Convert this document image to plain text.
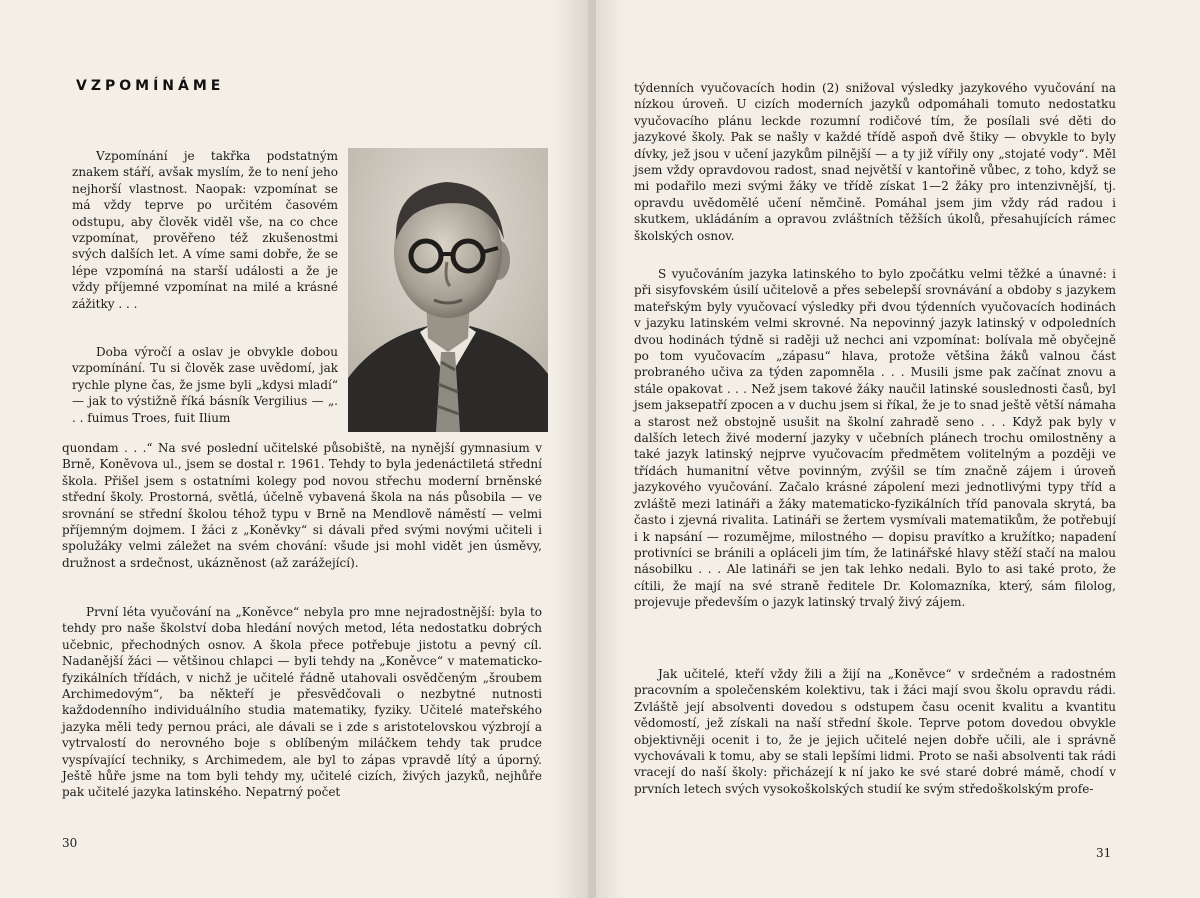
VZPOMÍNÁME

Vzpomínání je takřka podstatným znakem stáří, avšak myslím, že to není jeho nejhorší vlastnost. Naopak: vzpomínat se má vždy teprve po určitém časovém odstupu, aby člověk viděl vše, na co chce vzpomínat, prověřeno též zkušenostmi svých dalších let. A víme sami dobře, že se lépe vzpomíná na starší události a že je vždy příjemné vzpomínat na milé a krásné zážitky . . .

Doba výročí a oslav je obvykle dobou vzpomínání. Tu si člověk zase uvědomí, jak rychle plyne čas, že jsme byli „kdysi mladí“ — jak to výstižně říká básník Vergilius — „. . . fuimus Troes, fuit Ilium

quondam . . .“ Na své poslední učitelské působiště, na nynější gymnasium v Brně, Koněvova ul., jsem se dostal r. 1961. Tehdy to byla jedenáctiletá střední škola. Přišel jsem s ostatními kolegy pod novou střechu moderní brněnské střední školy. Prostorná, světlá, účelně vybavená škola na nás působila — ve srovnání se střední školou téhož typu v Brně na Mendlově náměstí — velmi příjemným dojmem. I žáci z „Koněvky“ si dávali před svými novými učiteli i spolužáky velmi záležet na svém chování: všude jsi mohl vidět jen úsměvy, družnost a srdečnost, ukázněnost (až zarážející).

První léta vyučování na „Koněvce“ nebyla pro mne nejradostnější: byla to tehdy pro naše školství doba hledání nových metod, léta nedostatku dobrých učebnic, přechodných osnov. A škola přece potřebuje jistotu a pevný cíl. Nadanější žáci — většinou chlapci — byli tehdy na „Koněvce“ v matematicko-fyzikálních třídách, v nichž je učitelé řádně utahovali osvědčeným „šroubem Archimedovým“, ba někteří je přesvědčovali o nezbytné nutnosti každodenního individuálního studia matematiky, fyziky. Učitelé mateřského jazyka měli tedy pernou práci, ale dávali se i zde s aristotelovskou výzbrojí a vytrvalostí do nerovného boje s oblíbeným miláčkem tehdy tak prudce vyspívající techniky, s Archimedem, ale byl to zápas vpravdě lítý a úporný. Ještě hůře jsme na tom byli tehdy my, učitelé cizích, živých jazyků, nejhůře pak učitelé jazyka latinského. Nepatrný počet

30

týdenních vyučovacích hodin (2) snižoval výsledky jazykového vyučování na nízkou úroveň. U cizích moderních jazyků odpomáhali tomuto nedostatku vyučovacího plánu leckde rozumní rodičové tím, že posílali své děti do jazykové školy. Pak se našly v každé třídě aspoň dvě štiky — obvykle to byly dívky, jež jsou v učení jazykům pilnější — a ty již vířily ony „stojaté vody“. Měl jsem vždy opravdovou radost, snad největší v kantořině vůbec, z toho, když se mi podařilo mezi svými žáky ve třídě získat 1—2 žáky pro intenzivnější, tj. opravdu uvědomělé učení němčině. Pomáhal jsem jim vždy rád radou i skutkem, ukládáním a opravou zvláštních těžších úkolů, přesahujících rámec školských osnov.

S vyučováním jazyka latinského to bylo zpočátku velmi těžké a únavné: i při sisyfovském úsilí učitelově a přes sebelepší srovnávání a obdoby s jazykem mateřským byly vyučovací výsledky při dvou týdenních vyučovacích hodinách v jazyku latinském velmi skrovné. Na nepovinný jazyk latinský v odpoledních dvou hodinách týdně si raději už nechci ani vzpomínat: bolívala mě obyčejně po tom vyučovacím „zápasu“ hlava, protože většina žáků valnou část probraného učiva za týden zapomněla . . . Musili jsme pak začínat znovu a stále opakovat . . . Než jsem takové žáky naučil latinské souslednosti časů, byl jsem jaksepatří zpocen a v duchu jsem si říkal, že je to snad ještě větší námaha a starost než obstojně usušit na školní zahradě seno . . . Když pak byly v dalších letech živé moderní jazyky v učebních plánech trochu omilostněny a také jazyk latinský nejprve vyučovacím předmětem volitelným a později ve třídách humanitní větve povinným, zvýšil se tím značně zájem i úroveň jazykového vyučování. Začalo krásné zápolení mezi jednotlivými typy tříd a zvláště mezi latináři a žáky matematicko-fyzikálních tříd panovala skrytá, ba často i zjevná rivalita. Latináři se žertem vysmívali matematikům, že potřebují i k napsání — rozumějme, milostného — dopisu pravítko a kružítko; napadení protivníci se bránili a opláceli jim tím, že latinářské hlavy stěží stačí na malou násobilku . . . Ale latináři se jen tak lehko nedali. Bylo to asi také proto, že cítili, že mají na své straně ředitele Dr. Kolomazníka, který, sám filolog, projevuje především o jazyk latinský trvalý živý zájem.

Jak učitelé, kteří vždy žili a žijí na „Koněvce“ v srdečném a radostném pracovním a společenském kolektivu, tak i žáci mají svou školu opravdu rádi. Zvláště její absolventi dovedou s odstupem času ocenit kvalitu a kvantitu vědomostí, jež získali na naší střední škole. Teprve potom dovedou obvykle objektivněji ocenit i to, že je jejich učitelé nejen dobře učili, ale i správně vychovávali k tomu, aby se stali lepšími lidmi. Proto se naši absolventi tak rádi vracejí do naší školy: přicházejí k ní jako ke své staré dobré mámě, chodí v prvních letech svých vysokoškolských studií ke svým středoškolským profe-

31
